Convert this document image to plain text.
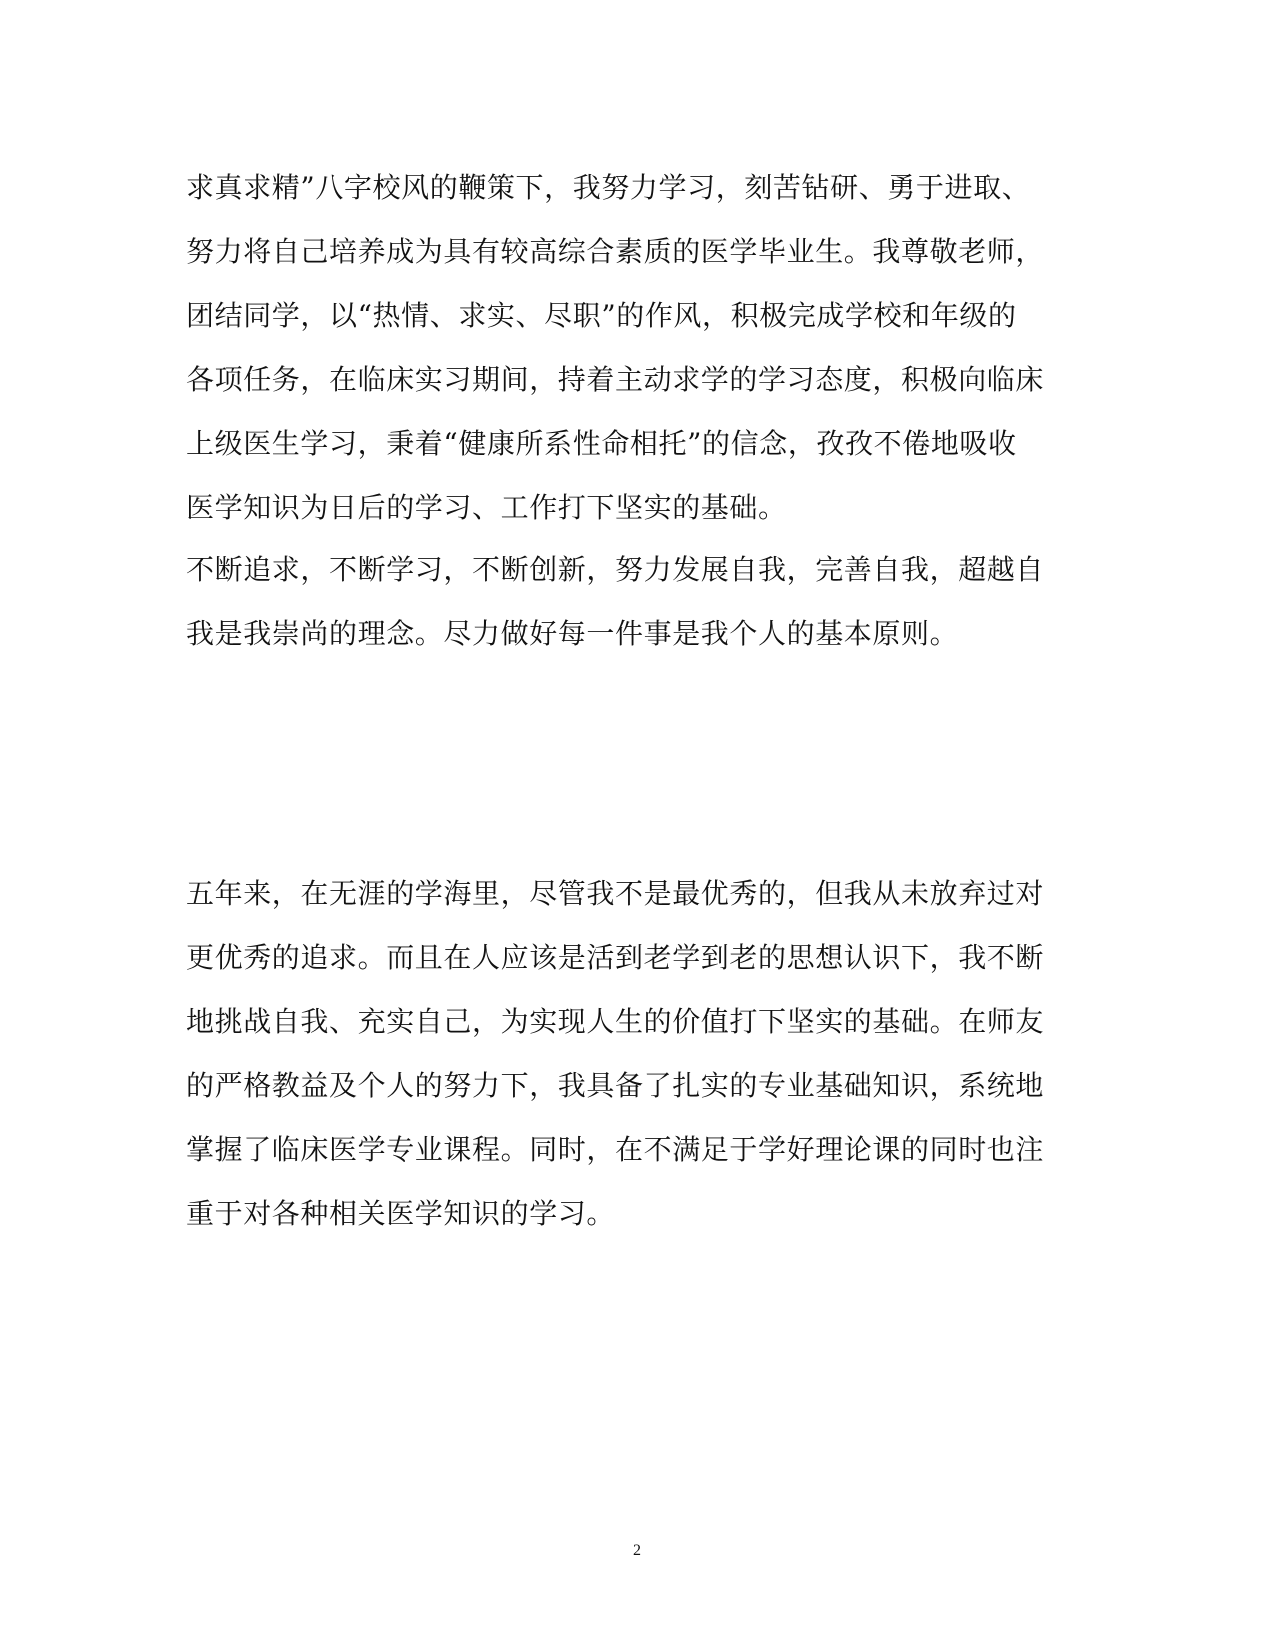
求真求精”八字校风的鞭策下，我努力学习，刻苦钻研、勇于进取、
努力将自己培养成为具有较高综合素质的医学毕业生。我尊敬老师，
团结同学，以“热情、求实、尽职”的作风，积极完成学校和年级的
各项任务，在临床实习期间，持着主动求学的学习态度，积极向临床
上级医生学习，秉着“健康所系性命相托”的信念，孜孜不倦地吸收
医学知识为日后的学习、工作打下坚实的基础。
不断追求，不断学习，不断创新，努力发展自我，完善自我，超越自
我是我崇尚的理念。尽力做好每一件事是我个人的基本原则。
五年来，在无涯的学海里，尽管我不是最优秀的，但我从未放弃过对
更优秀的追求。而且在人应该是活到老学到老的思想认识下，我不断
地挑战自我、充实自己，为实现人生的价值打下坚实的基础。在师友
的严格教益及个人的努力下，我具备了扎实的专业基础知识，系统地
掌握了临床医学专业课程。同时，在不满足于学好理论课的同时也注
重于对各种相关医学知识的学习。
2
